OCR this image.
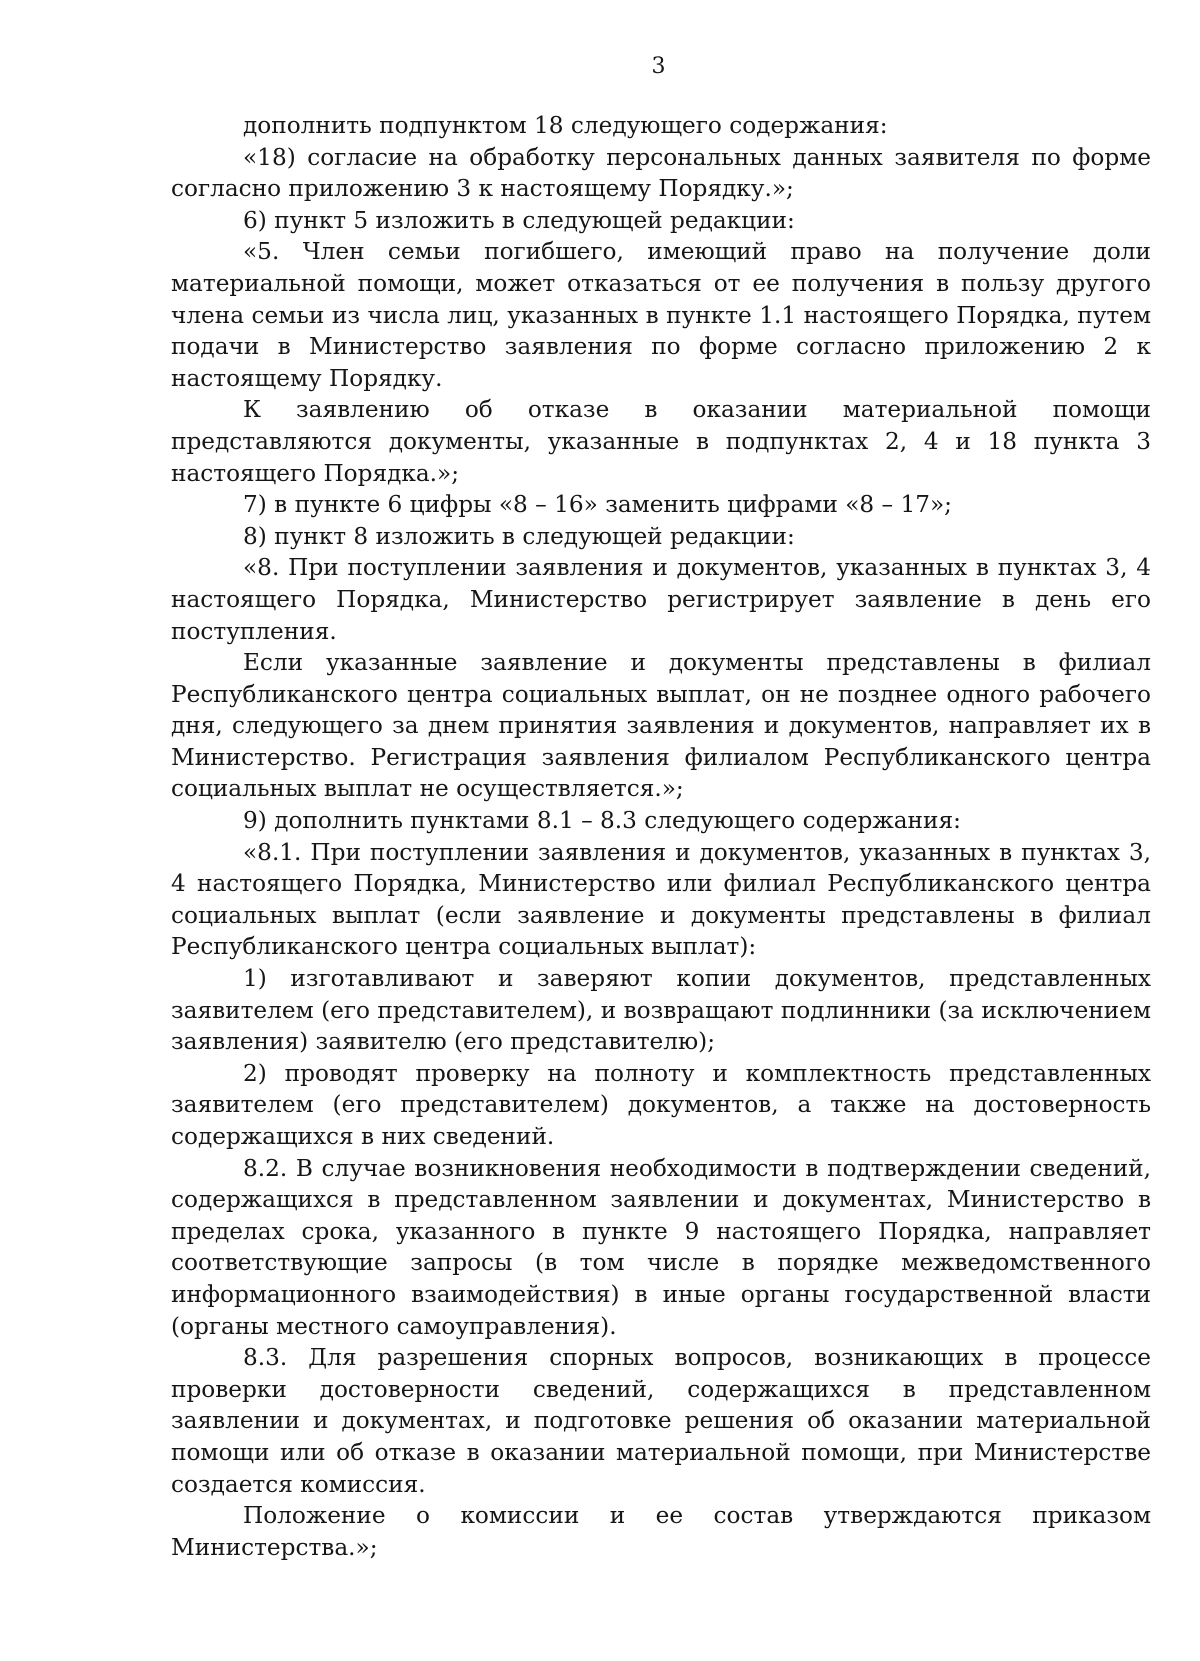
3

дополнить подпунктом 18 следующего содержания:

«18) согласие на обработку персональных данных заявителя по форме согласно приложению 3 к настоящему Порядку.»;

6) пункт 5 изложить в следующей редакции:

«5. Член семьи погибшего, имеющий право на получение доли материальной помощи, может отказаться от ее получения в пользу другого члена семьи из числа лиц, указанных в пункте 1.1 настоящего Порядка, путем подачи в Министерство заявления по форме согласно приложению 2 к настоящему Порядку.

К заявлению об отказе в оказании материальной помощи представляются документы, указанные в подпунктах 2, 4 и 18 пункта 3 настоящего Порядка.»;

7) в пункте 6 цифры «8 – 16» заменить цифрами «8 – 17»;

8) пункт 8 изложить в следующей редакции:

«8. При поступлении заявления и документов, указанных в пунктах 3, 4 настоящего Порядка, Министерство регистрирует заявление в день его поступления.

Если указанные заявление и документы представлены в филиал Республиканского центра социальных выплат, он не позднее одного рабочего дня, следующего за днем принятия заявления и документов, направляет их в Министерство. Регистрация заявления филиалом Республиканского центра социальных выплат не осуществляется.»;

9) дополнить пунктами 8.1 – 8.3 следующего содержания:

«8.1. При поступлении заявления и документов, указанных в пунктах 3, 4 настоящего Порядка, Министерство или филиал Республиканского центра социальных выплат (если заявление и документы представлены в филиал Республиканского центра социальных выплат):

1) изготавливают и заверяют копии документов, представленных заявителем (его представителем), и возвращают подлинники (за исключением заявления) заявителю (его представителю);

2) проводят проверку на полноту и комплектность представленных заявителем (его представителем) документов, а также на достоверность содержащихся в них сведений.

8.2. В случае возникновения необходимости в подтверждении сведений, содержащихся в представленном заявлении и документах, Министерство в пределах срока, указанного в пункте 9 настоящего Порядка, направляет соответствующие запросы (в том числе в порядке межведомственного информационного взаимодействия) в иные органы государственной власти (органы местного самоуправления).

8.3. Для разрешения спорных вопросов, возникающих в процессе проверки достоверности сведений, содержащихся в представленном заявлении и документах, и подготовке решения об оказании материальной помощи или об отказе в оказании материальной помощи, при Министерстве создается комиссия.

Положение о комиссии и ее состав утверждаются приказом Министерства.»;
